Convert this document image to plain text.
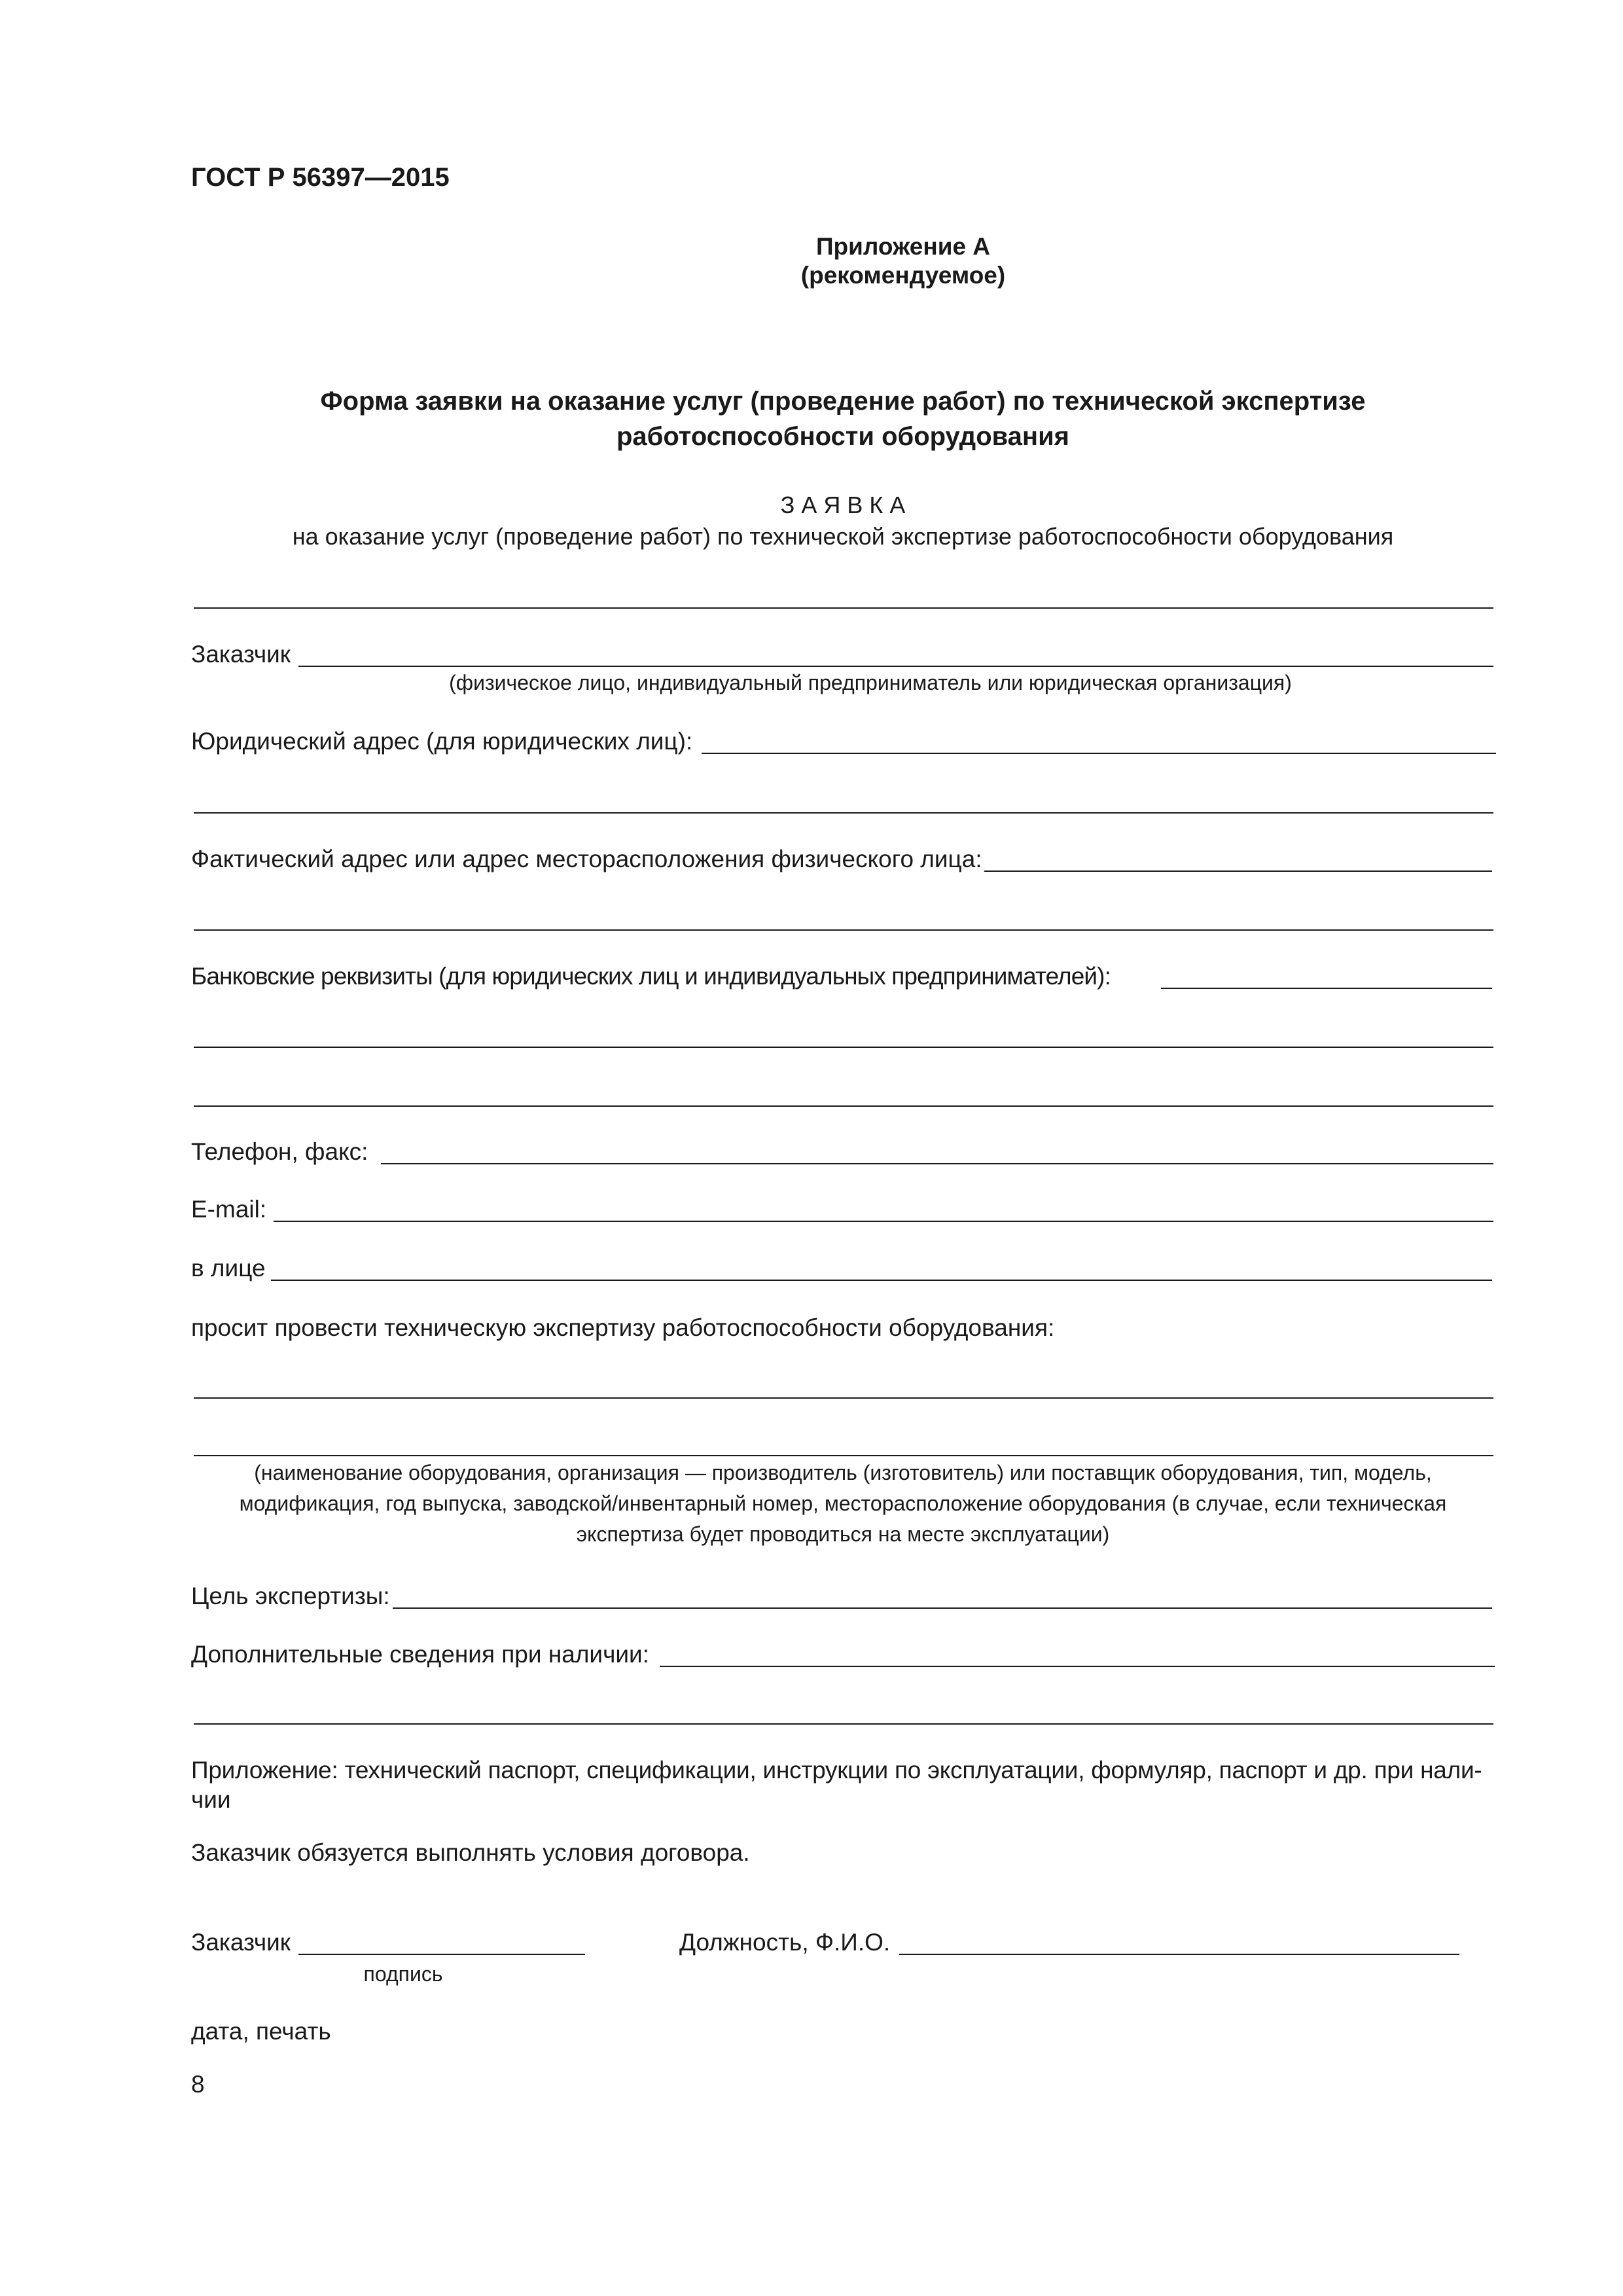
ГОСТ Р 56397—2015
Приложение А
(рекомендуемое)
Форма заявки на оказание услуг (проведение работ) по технической экспертизе
работоспособности оборудования
З А Я В К А
на оказание услуг (проведение работ) по технической экспертизе работоспособности оборудования
Заказчик
(физическое лицо, индивидуальный предприниматель или юридическая организация)
Юридический адрес (для юридических лиц):
Фактический адрес или адрес месторасположения физического лица:
Банковские реквизиты (для юридических лиц и индивидуальных предпринимателей):
Телефон, факс:
E-mail:
в лице
просит провести техническую экспертизу работоспособности оборудования:
(наименование оборудования, организация — производитель (изготовитель) или поставщик оборудования, тип, модель,
модификация, год выпуска, заводской/инвентарный номер, месторасположение оборудования (в случае, если техническая
экспертиза будет проводиться на месте эксплуатации)
Цель экспертизы:
Дополнительные сведения при наличии:
Приложение: технический паспорт, спецификации, инструкции по эксплуатации, формуляр, паспорт и др. при нали-
чии
Заказчик обязуется выполнять условия договора.
Заказчик
подпись
Должность, Ф.И.О.
дата, печать
8
